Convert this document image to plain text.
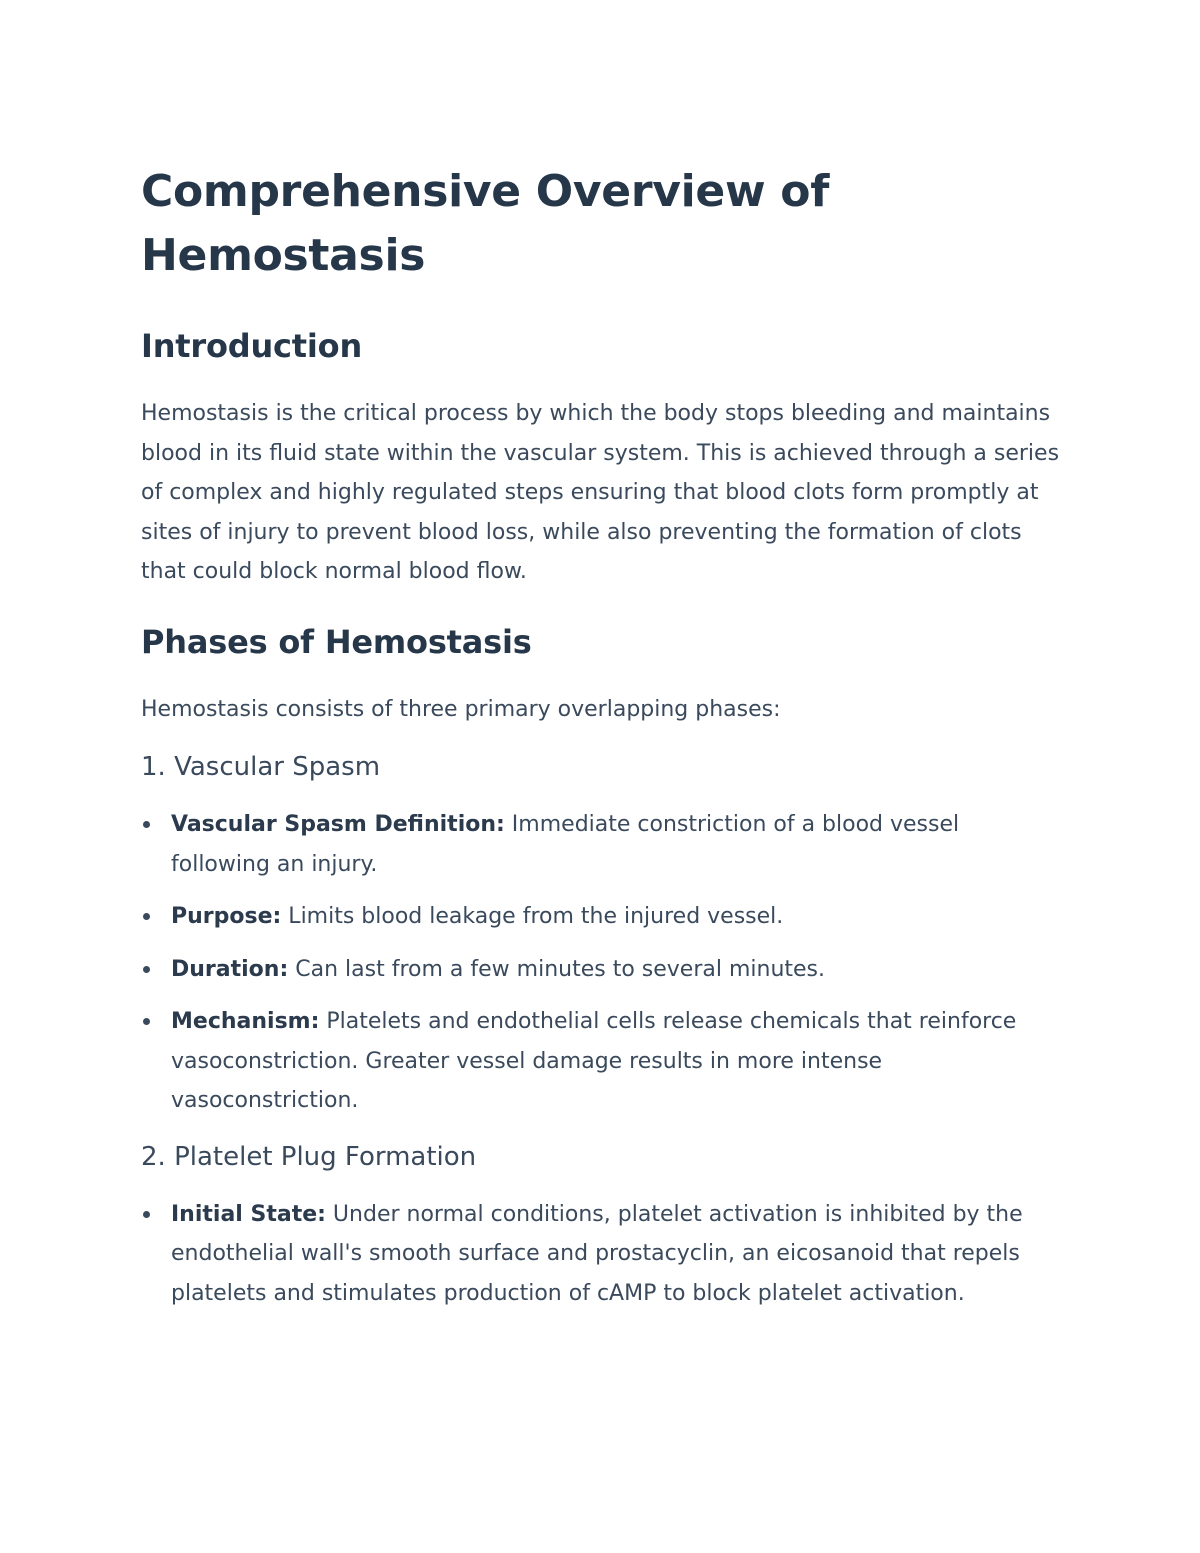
Comprehensive Overview of Hemostasis
Introduction

Hemostasis is the critical process by which the body stops bleeding and maintains blood in its fluid state within the vascular system. This is achieved through a series of complex and highly regulated steps ensuring that blood clots form promptly at sites of injury to prevent blood loss, while also preventing the formation of clots that could block normal blood flow.

Phases of Hemostasis

Hemostasis consists of three primary overlapping phases:

1. Vascular Spasm
Vascular Spasm Definition: Immediate constriction of a blood vessel following an injury.
Purpose: Limits blood leakage from the injured vessel.
Duration: Can last from a few minutes to several minutes.
Mechanism: Platelets and endothelial cells release chemicals that reinforce vasoconstriction. Greater vessel damage results in more intense vasoconstriction.
2. Platelet Plug Formation
Initial State: Under normal conditions, platelet activation is inhibited by the endothelial wall's smooth surface and prostacyclin, an eicosanoid that repels platelets and stimulates production of cAMP to block platelet activation.
